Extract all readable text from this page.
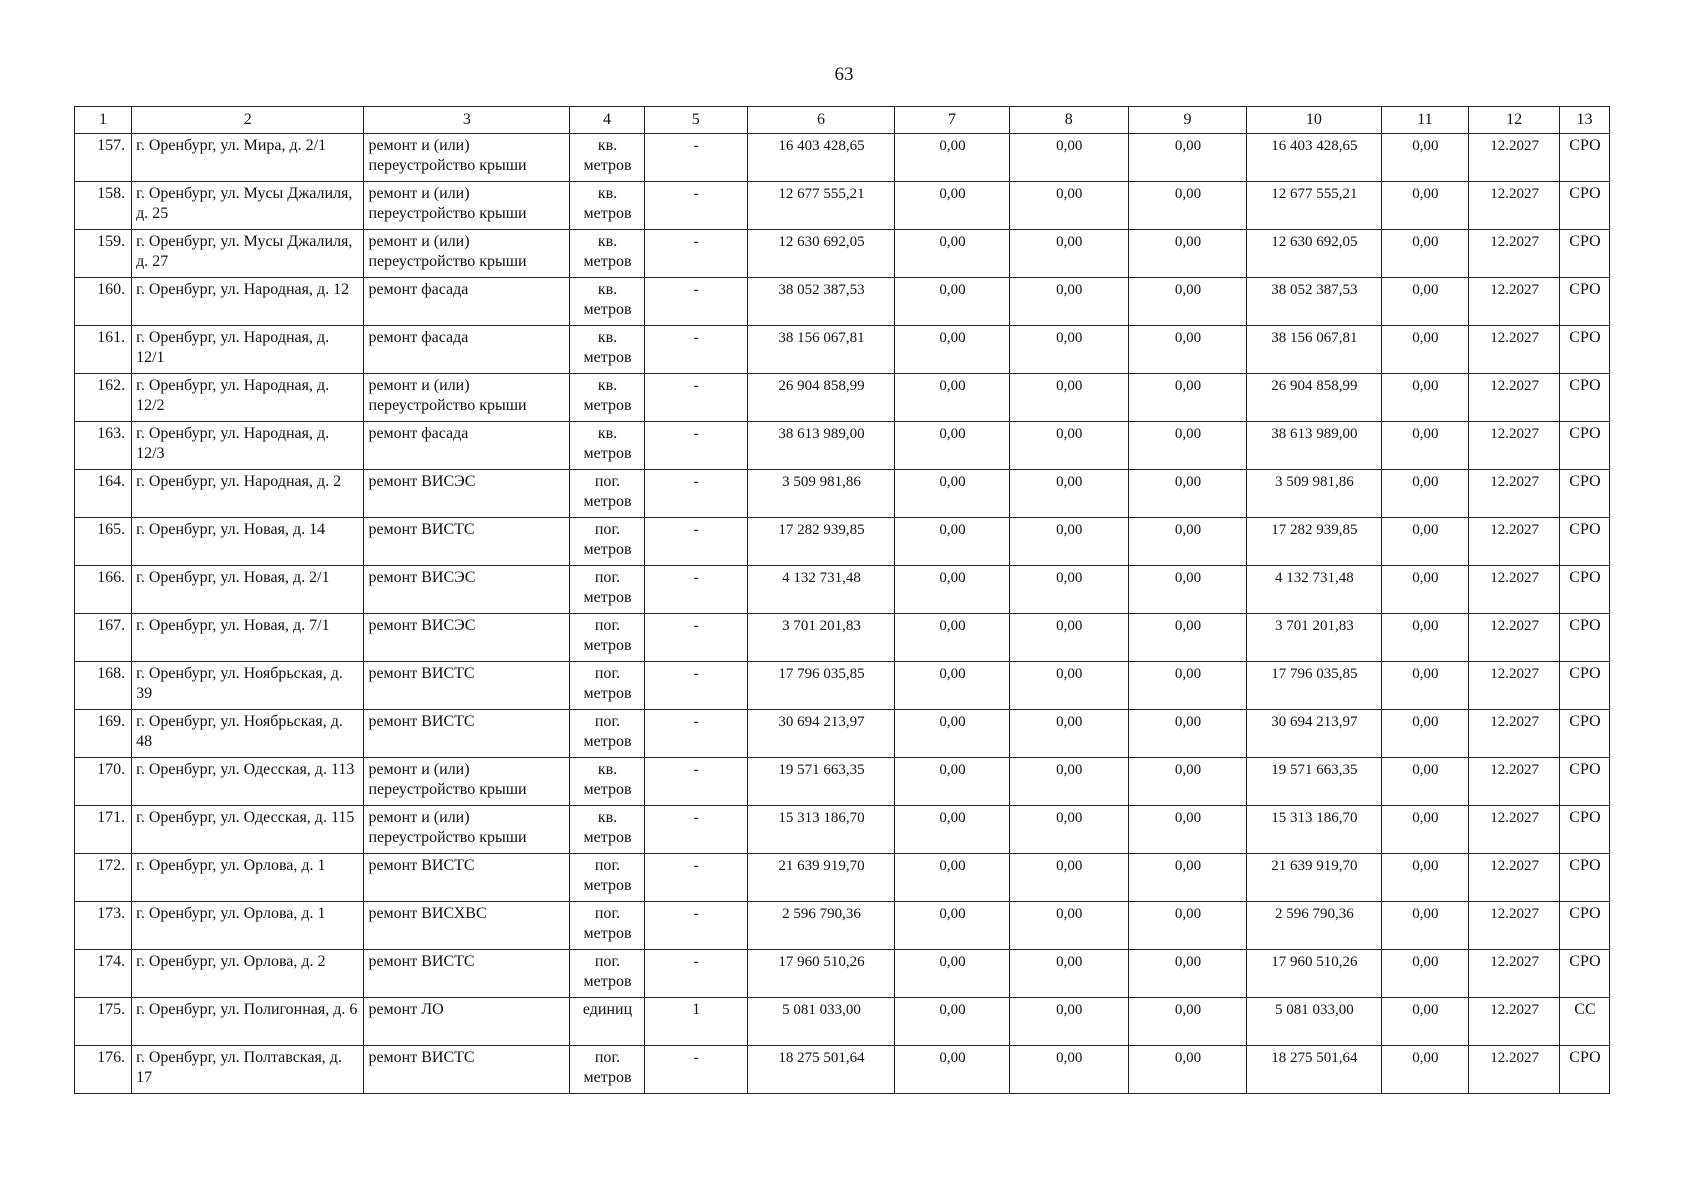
63
1	2	3	4	5	6	7	8	9	10	11	12	13
157.	г. Оренбург, ул. Мира, д. 2/1	ремонт и (или) переустройство крыши	кв. метров	-	16 403 428,65	0,00	0,00	0,00	16 403 428,65	0,00	12.2027	СРО
158.	г. Оренбург, ул. Мусы Джалиля, д. 25	ремонт и (или) переустройство крыши	кв. метров	-	12 677 555,21	0,00	0,00	0,00	12 677 555,21	0,00	12.2027	СРО
159.	г. Оренбург, ул. Мусы Джалиля, д. 27	ремонт и (или) переустройство крыши	кв. метров	-	12 630 692,05	0,00	0,00	0,00	12 630 692,05	0,00	12.2027	СРО
160.	г. Оренбург, ул. Народная, д. 12	ремонт фасада	кв. метров	-	38 052 387,53	0,00	0,00	0,00	38 052 387,53	0,00	12.2027	СРО
161.	г. Оренбург, ул. Народная, д. 12/1	ремонт фасада	кв. метров	-	38 156 067,81	0,00	0,00	0,00	38 156 067,81	0,00	12.2027	СРО
162.	г. Оренбург, ул. Народная, д. 12/2	ремонт и (или) переустройство крыши	кв. метров	-	26 904 858,99	0,00	0,00	0,00	26 904 858,99	0,00	12.2027	СРО
163.	г. Оренбург, ул. Народная, д. 12/3	ремонт фасада	кв. метров	-	38 613 989,00	0,00	0,00	0,00	38 613 989,00	0,00	12.2027	СРО
164.	г. Оренбург, ул. Народная, д. 2	ремонт ВИСЭС	пог. метров	-	3 509 981,86	0,00	0,00	0,00	3 509 981,86	0,00	12.2027	СРО
165.	г. Оренбург, ул. Новая, д. 14	ремонт ВИСТС	пог. метров	-	17 282 939,85	0,00	0,00	0,00	17 282 939,85	0,00	12.2027	СРО
166.	г. Оренбург, ул. Новая, д. 2/1	ремонт ВИСЭС	пог. метров	-	4 132 731,48	0,00	0,00	0,00	4 132 731,48	0,00	12.2027	СРО
167.	г. Оренбург, ул. Новая, д. 7/1	ремонт ВИСЭС	пог. метров	-	3 701 201,83	0,00	0,00	0,00	3 701 201,83	0,00	12.2027	СРО
168.	г. Оренбург, ул. Ноябрьская, д. 39	ремонт ВИСТС	пог. метров	-	17 796 035,85	0,00	0,00	0,00	17 796 035,85	0,00	12.2027	СРО
169.	г. Оренбург, ул. Ноябрьская, д. 48	ремонт ВИСТС	пог. метров	-	30 694 213,97	0,00	0,00	0,00	30 694 213,97	0,00	12.2027	СРО
170.	г. Оренбург, ул. Одесская, д. 113	ремонт и (или) переустройство крыши	кв. метров	-	19 571 663,35	0,00	0,00	0,00	19 571 663,35	0,00	12.2027	СРО
171.	г. Оренбург, ул. Одесская, д. 115	ремонт и (или) переустройство крыши	кв. метров	-	15 313 186,70	0,00	0,00	0,00	15 313 186,70	0,00	12.2027	СРО
172.	г. Оренбург, ул. Орлова, д. 1	ремонт ВИСТС	пог. метров	-	21 639 919,70	0,00	0,00	0,00	21 639 919,70	0,00	12.2027	СРО
173.	г. Оренбург, ул. Орлова, д. 1	ремонт ВИСХВС	пог. метров	-	2 596 790,36	0,00	0,00	0,00	2 596 790,36	0,00	12.2027	СРО
174.	г. Оренбург, ул. Орлова, д. 2	ремонт ВИСТС	пог. метров	-	17 960 510,26	0,00	0,00	0,00	17 960 510,26	0,00	12.2027	СРО
175.	г. Оренбург, ул. Полигонная, д. 6	ремонт ЛО	единиц	1	5 081 033,00	0,00	0,00	0,00	5 081 033,00	0,00	12.2027	СС
176.	г. Оренбург, ул. Полтавская, д. 17	ремонт ВИСТС	пог. метров	-	18 275 501,64	0,00	0,00	0,00	18 275 501,64	0,00	12.2027	СРО
